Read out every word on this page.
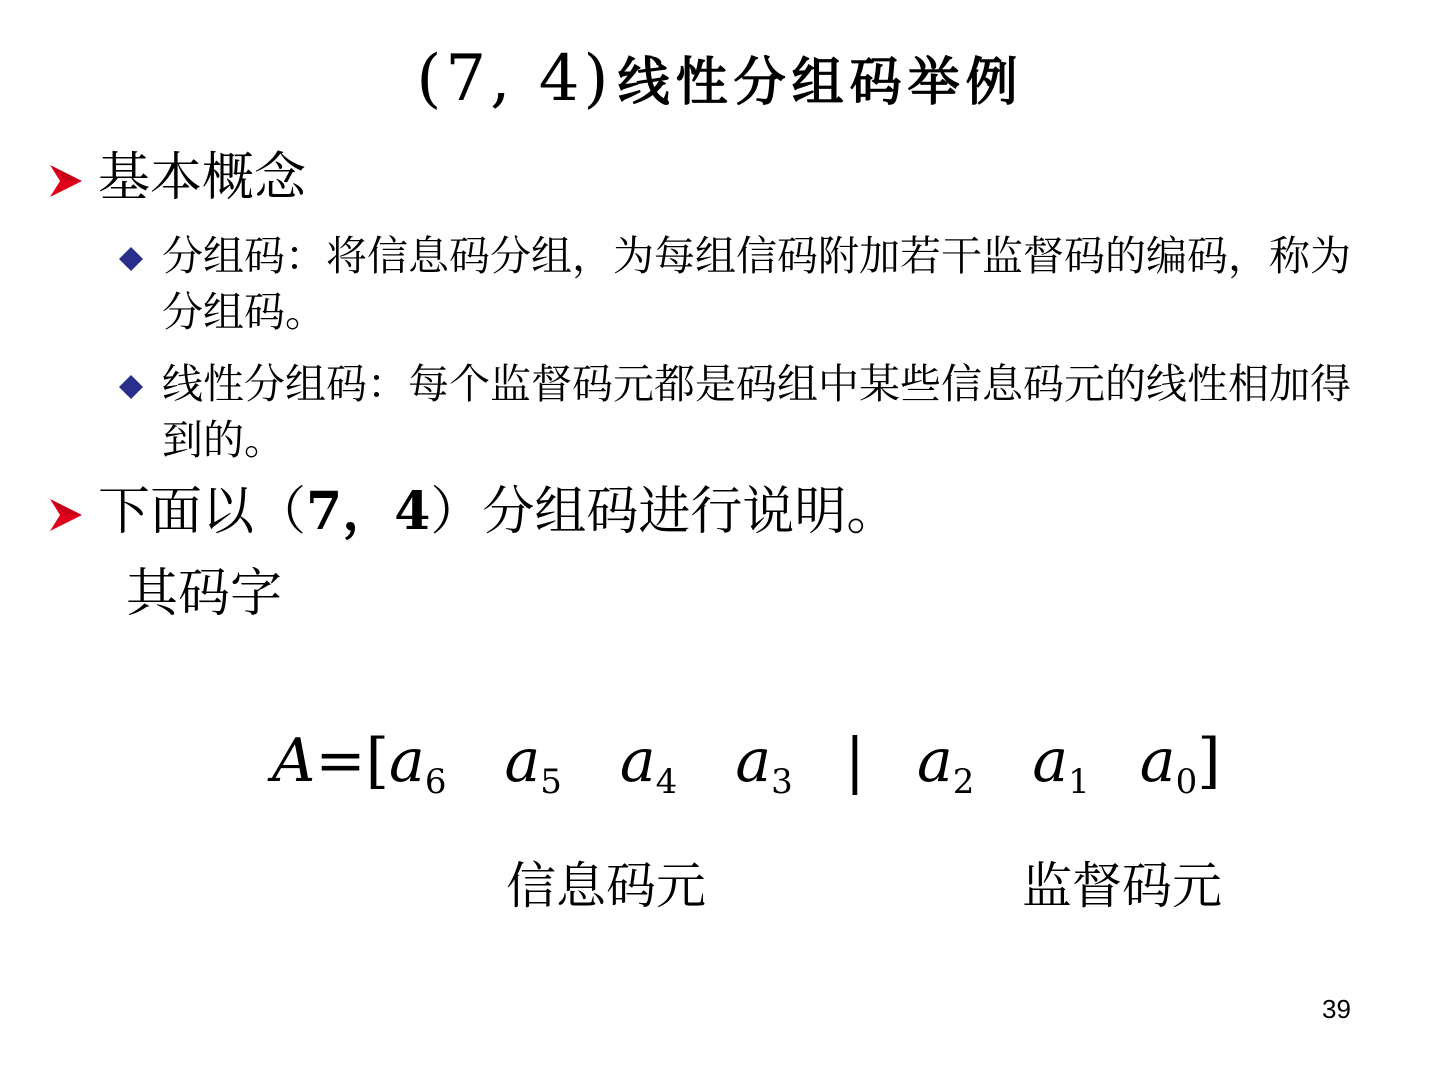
(7, 4) 线性分组码举例
基本概念
分组码：将信息码分组，为每组信码附加若干监督码的编码，称为分组码。
线性分组码：每个监督码元都是码组中某些信息码元的线性相加得到的。
下面以（7，4）分组码进行说明。
其码字
$A=[a_6$ $a_5$ $a_4$ $a_3$ | $a_2$ $a_1$ $a_0$]
信息码元	监督码元
39
